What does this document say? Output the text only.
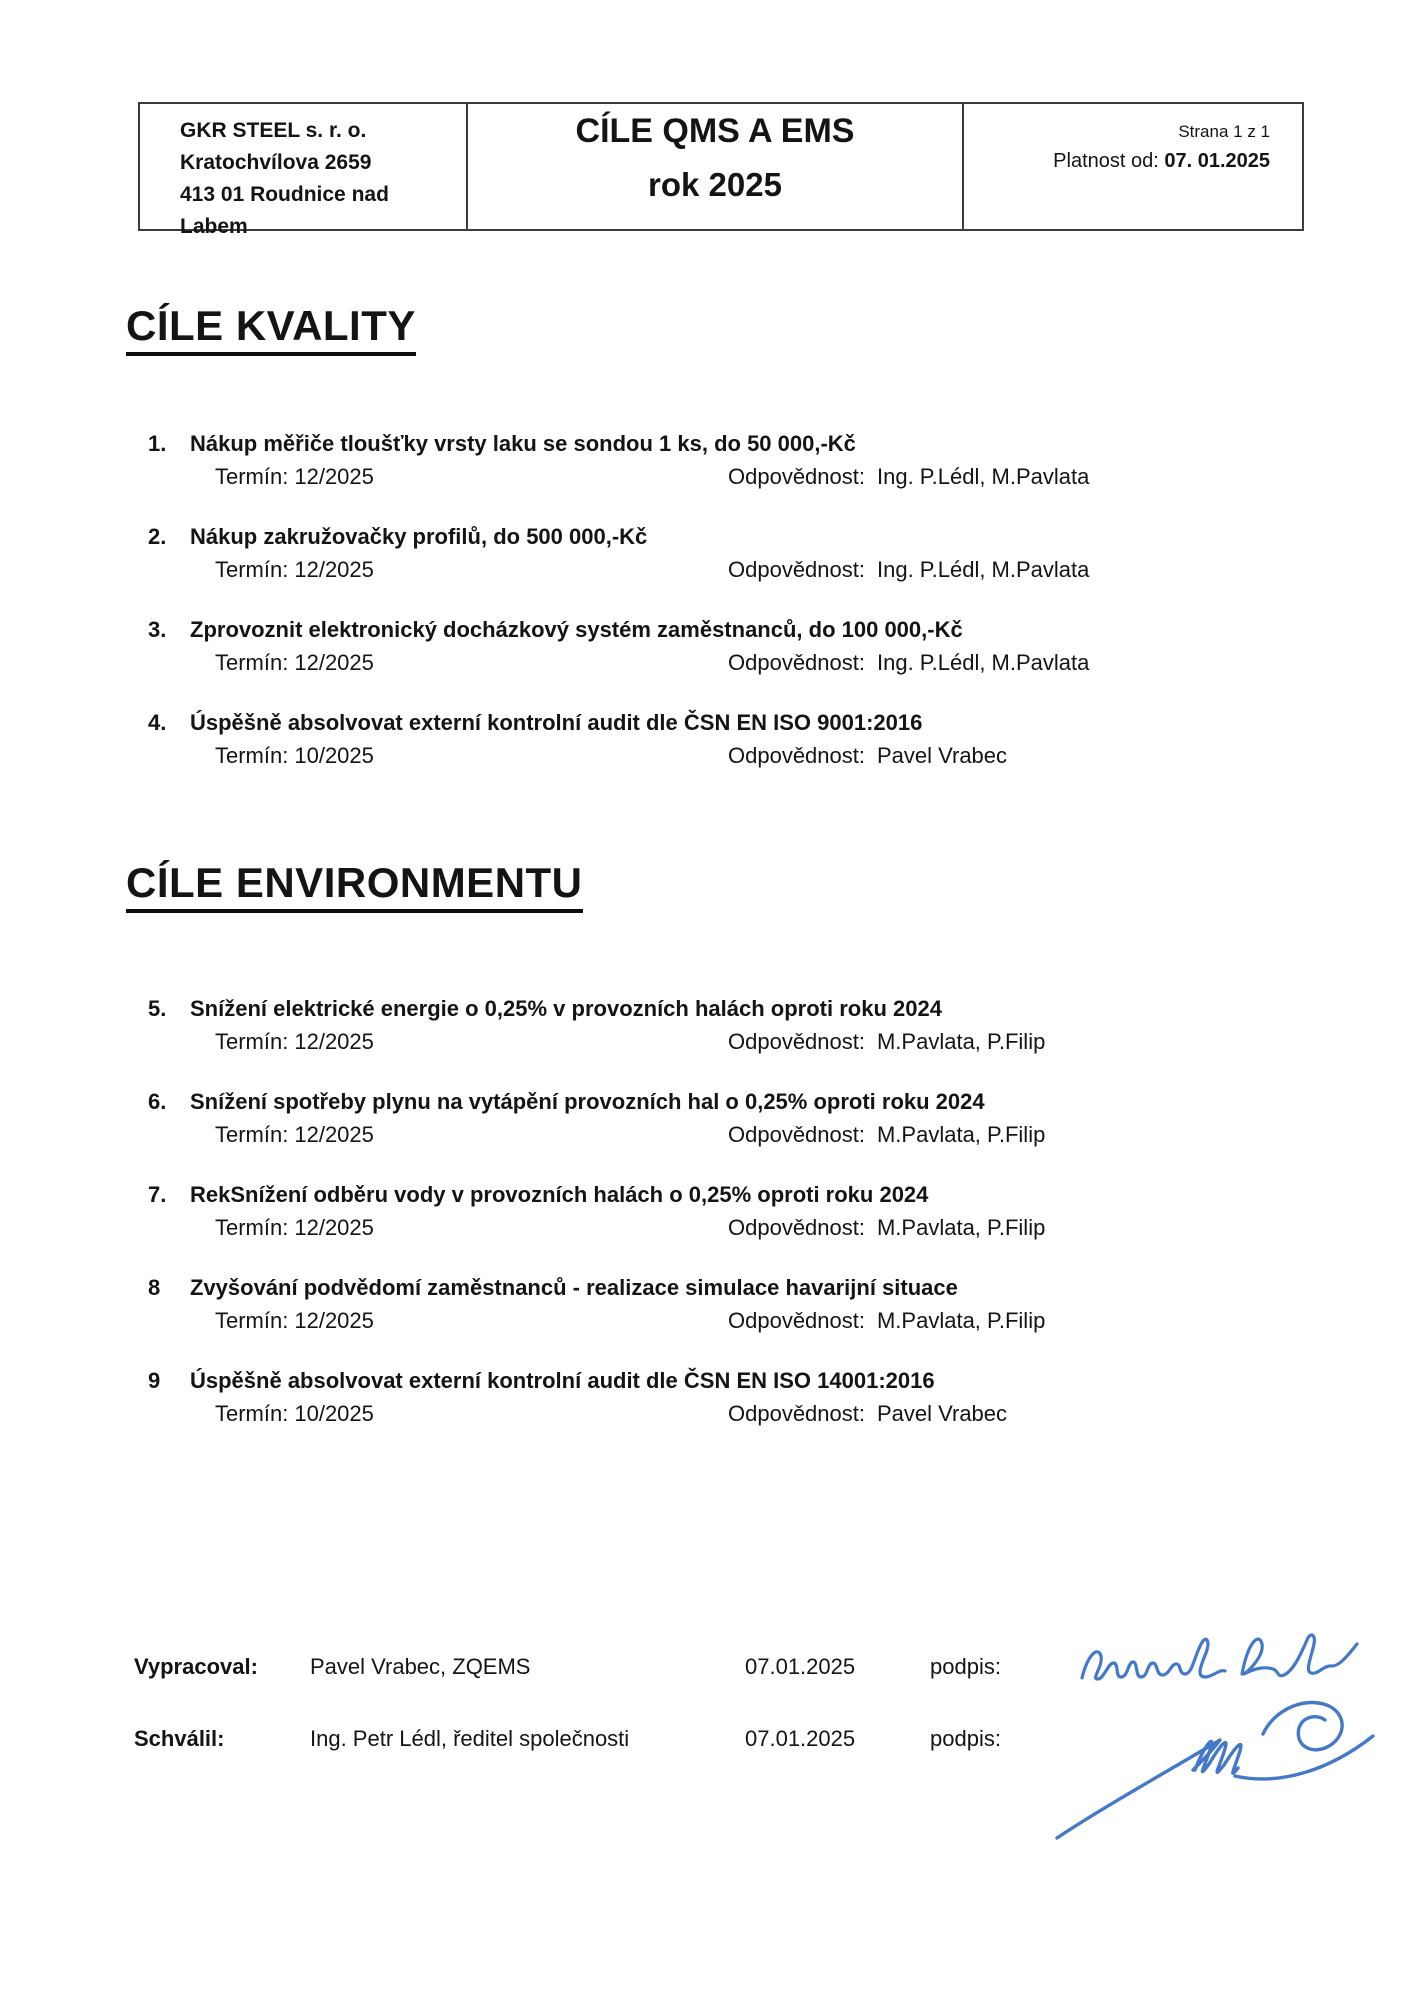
GKR STEEL s. r. o.
Kratochvílova 2659
413 01 Roudnice nad Labem
CÍLE QMS A EMS
rok 2025
Strana 1 z 1
Platnost od: 07. 01.2025
CÍLE KVALITY
1.	Nákup měřiče tloušťky vrsty laku se sondou 1 ks, do 50 000,-Kč
Termín: 12/2025	Odpovědnost: Ing. P.Lédl, M.Pavlata
2.	Nákup zakružovačky profilů, do 500 000,-Kč
Termín: 12/2025	Odpovědnost: Ing. P.Lédl, M.Pavlata
3.	Zprovoznit elektronický docházkový systém zaměstnanců, do 100 000,-Kč
Termín: 12/2025	Odpovědnost: Ing. P.Lédl, M.Pavlata
4.	Úspěšně absolvovat externí kontrolní audit dle ČSN EN ISO 9001:2016
Termín: 10/2025	Odpovědnost: Pavel Vrabec
CÍLE ENVIRONMENTU
5.	Snížení elektrické energie o 0,25% v provozních halách oproti roku 2024
Termín: 12/2025	Odpovědnost: M.Pavlata, P.Filip
6.	Snížení spotřeby plynu na vytápění provozních hal o 0,25% oproti roku 2024
Termín: 12/2025	Odpovědnost: M.Pavlata, P.Filip
7.	RekSnížení odběru vody v provozních halách o 0,25% oproti roku 2024
Termín: 12/2025	Odpovědnost: M.Pavlata, P.Filip
8	Zvyšování podvědomí zaměstnanců - realizace simulace havarijní situace
Termín: 12/2025	Odpovědnost: M.Pavlata, P.Filip
9	Úspěšně absolvovat externí kontrolní audit dle ČSN EN ISO 14001:2016
Termín: 10/2025	Odpovědnost: Pavel Vrabec
Vypracoval:	Pavel Vrabec, ZQEMS	07.01.2025	podpis:
Schválil:	Ing. Petr Lédl, ředitel společnosti	07.01.2025	podpis:
